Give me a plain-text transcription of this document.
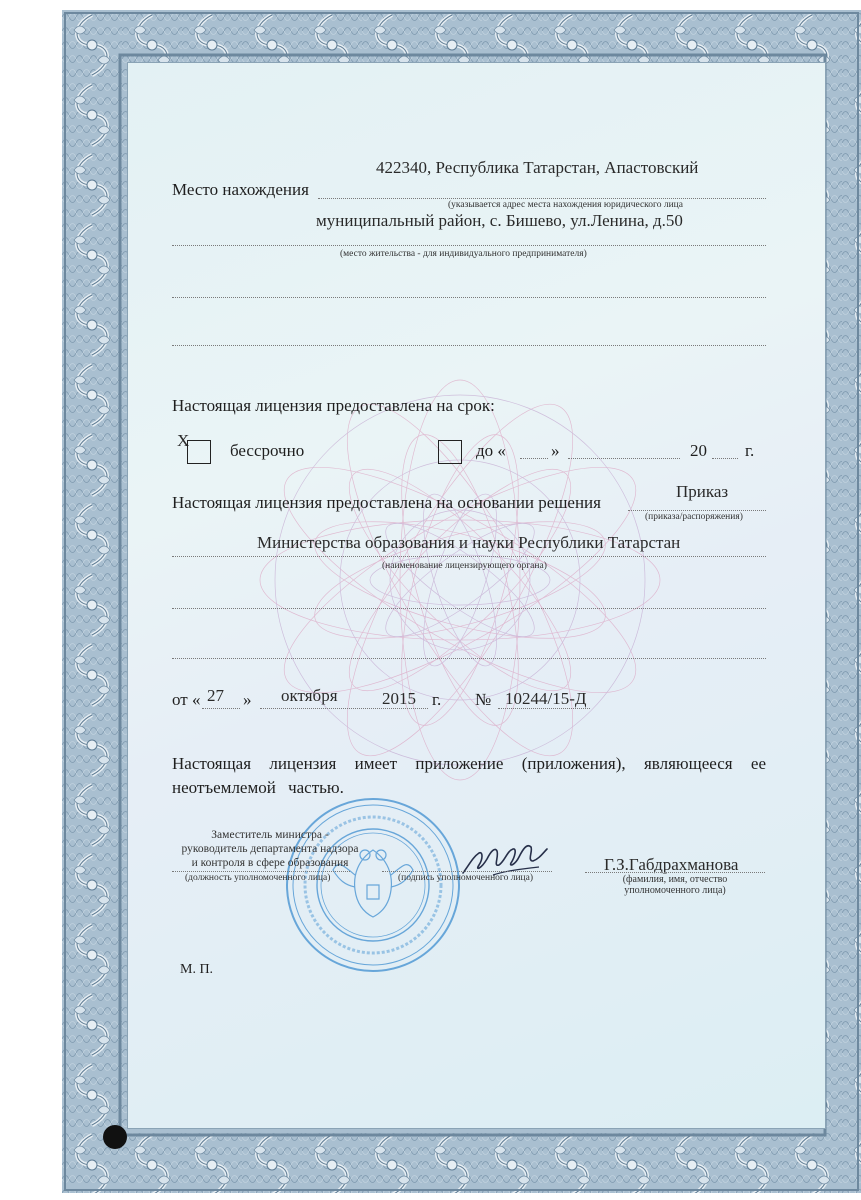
422340, Республика Татарстан, Апастовский
Место нахождения
(указывается адрес места нахождения юридического лица
муниципальный район, с. Бишево, ул.Ленина, д.50
(место жительства - для индивидуального предпринимателя)
Настоящая лицензия предоставлена на срок:
Х
бессрочно	до «	»	20 г.
Приказ
Настоящая лицензия предоставлена на основании решения
(приказа/распоряжения)
Министерства образования и науки Республики Татарстан
(наименование лицензирующего органа)
от « 27 » октября	2015 г. № 10244/15-Д
Настоящая лицензия имеет приложение (приложения), являющееся ее
неотъемлемой частью.
Заместитель министра -
руководитель департамента надзора
и контроля в сфере образования
(должность уполномоченного лица)	(подпись уполномоченного лица)
Г.З.Габдрахманова
(фамилия, имя, отчество
уполномоченного лица)
М. П.
